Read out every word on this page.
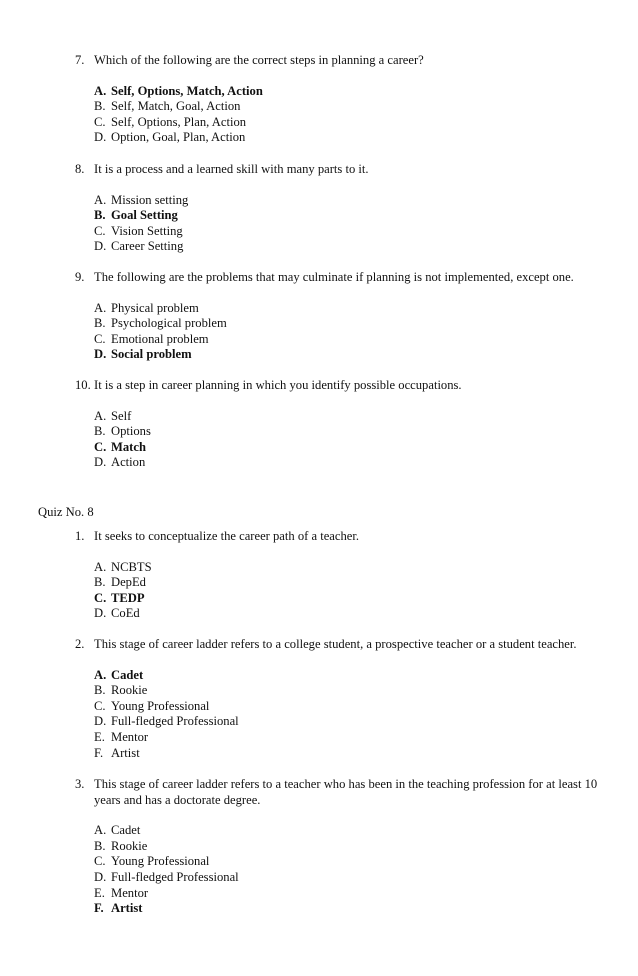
7. Which of the following are the correct steps in planning a career?
A. Self, Options, Match, Action
B. Self, Match, Goal, Action
C. Self, Options, Plan, Action
D. Option, Goal, Plan, Action
8. It is a process and a learned skill with many parts to it.
A. Mission setting
B. Goal Setting
C. Vision Setting
D. Career Setting
9. The following are the problems that may culminate if planning is not implemented, except one.
A. Physical problem
B. Psychological problem
C. Emotional problem
D. Social problem
10. It is a step in career planning in which you identify possible occupations.
A. Self
B. Options
C. Match
D. Action
Quiz No. 8
1. It seeks to conceptualize the career path of a teacher.
A. NCBTS
B. DepEd
C. TEDP
D. CoEd
2. This stage of career ladder refers to a college student, a prospective teacher or a student teacher.
A. Cadet
B. Rookie
C. Young Professional
D. Full-fledged Professional
E. Mentor
F. Artist
3. This stage of career ladder refers to a teacher who has been in the teaching profession for at least 10 years and has a doctorate degree.
A. Cadet
B. Rookie
C. Young Professional
D. Full-fledged Professional
E. Mentor
F. Artist
